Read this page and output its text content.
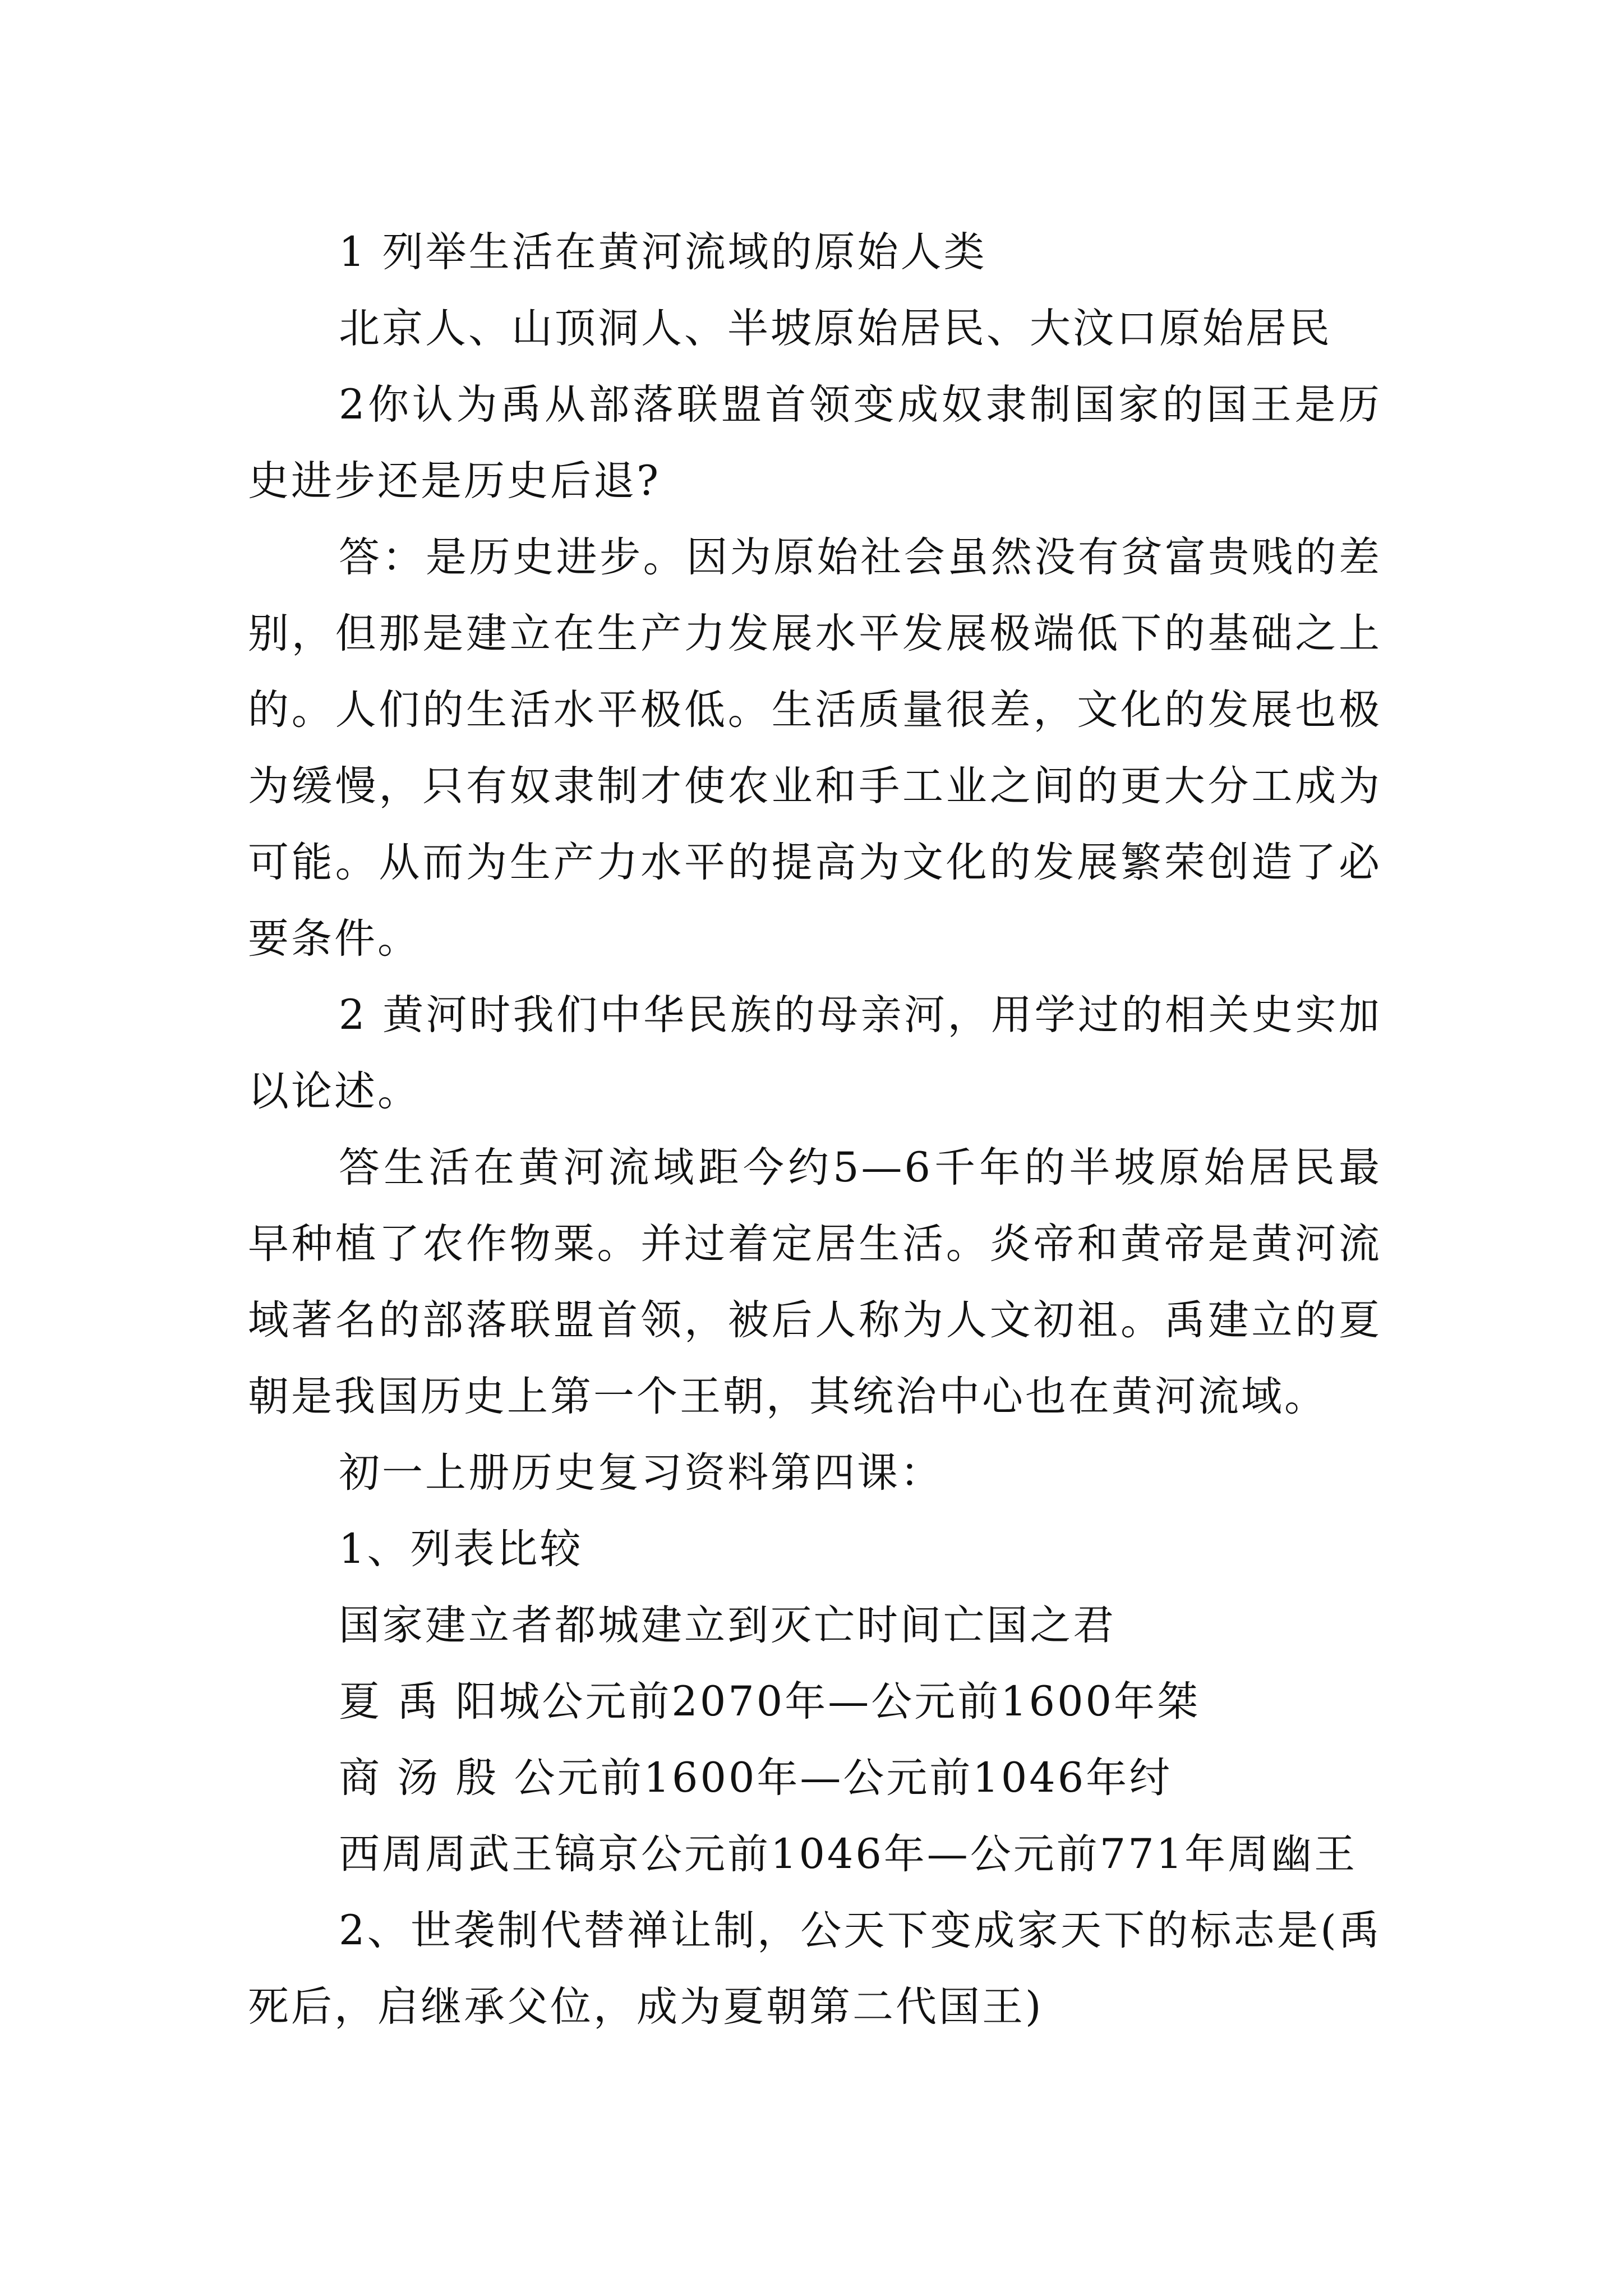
1 列举生活在黄河流域的原始人类

北京人、山顶洞人、半坡原始居民、大汶口原始居民

2你认为禹从部落联盟首领变成奴隶制国家的国王是历史进步还是历史后退?

答：是历史进步。因为原始社会虽然没有贫富贵贱的差别，但那是建立在生产力发展水平发展极端低下的基础之上的。人们的生活水平极低。生活质量很差，文化的发展也极为缓慢，只有奴隶制才使农业和手工业之间的更大分工成为可能。从而为生产力水平的提高为文化的发展繁荣创造了必要条件。

2 黄河时我们中华民族的母亲河，用学过的相关史实加以论述。

答生活在黄河流域距今约5—6千年的半坡原始居民最早种植了农作物粟。并过着定居生活。炎帝和黄帝是黄河流域著名的部落联盟首领，被后人称为人文初祖。禹建立的夏朝是我国历史上第一个王朝，其统治中心也在黄河流域。

初一上册历史复习资料第四课：

1、列表比较

国家建立者都城建立到灭亡时间亡国之君

夏 禹 阳城公元前2070年—公元前1600年桀

商 汤 殷 公元前1600年—公元前1046年纣

西周周武王镐京公元前1046年—公元前771年周幽王

2、世袭制代替禅让制，公天下变成家天下的标志是(禹死后，启继承父位，成为夏朝第二代国王)
